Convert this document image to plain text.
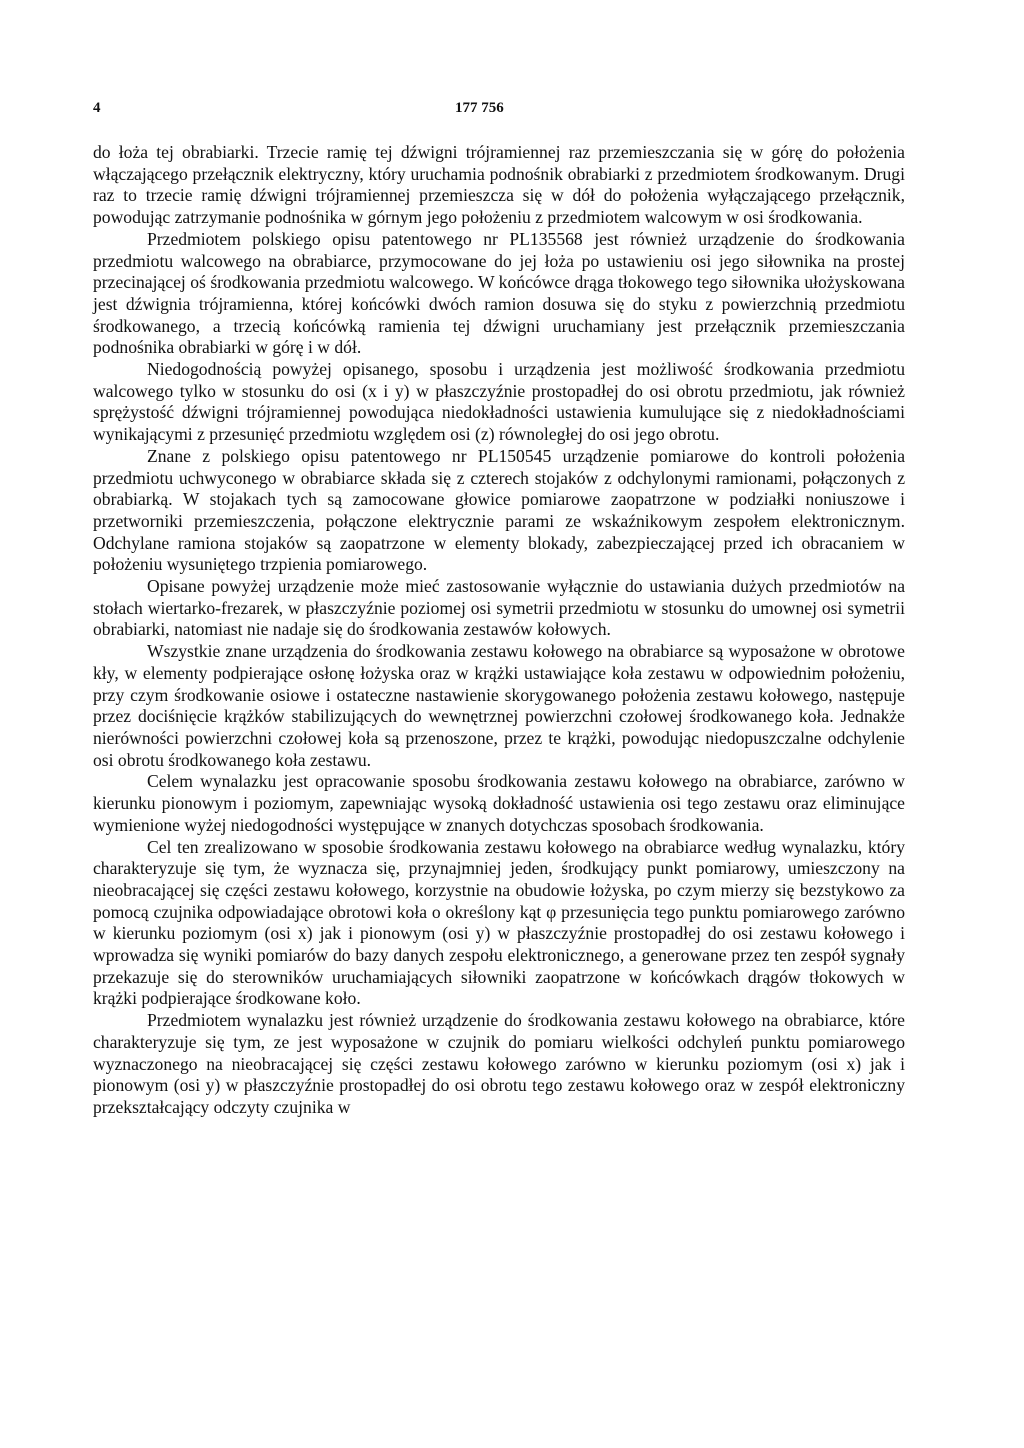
4	177 756

do łoża tej obrabiarki. Trzecie ramię tej dźwigni trójramiennej raz przemieszczania się w górę do położenia włączającego przełącznik elektryczny, który uruchamia podnośnik obrabiarki z przedmiotem środkowanym. Drugi raz to trzecie ramię dźwigni trójramiennej przemieszcza się w dół do położenia wyłączającego przełącznik, powodując zatrzymanie podnośnika w górnym jego położeniu z przedmiotem walcowym w osi środkowania.

Przedmiotem polskiego opisu patentowego nr PL135568 jest również urządzenie do środkowania przedmiotu walcowego na obrabiarce, przymocowane do jej łoża po ustawieniu osi jego siłownika na prostej przecinającej oś środkowania przedmiotu walcowego. W końcówce drąga tłokowego tego siłownika ułożyskowana jest dźwignia trójramienna, której końcówki dwóch ramion dosuwa się do styku z powierzchnią przedmiotu środkowanego, a trzecią końcówką ramienia tej dźwigni uruchamiany jest przełącznik przemieszczania podnośnika obrabiarki w górę i w dół.

Niedogodnością powyżej opisanego, sposobu i urządzenia jest możliwość środkowania przedmiotu walcowego tylko w stosunku do osi (x i y) w płaszczyźnie prostopadłej do osi obrotu przedmiotu, jak również sprężystość dźwigni trójramiennej powodująca niedokładności ustawienia kumulujące się z niedokładnościami wynikającymi z przesunięć przedmiotu względem osi (z) równoległej do osi jego obrotu.

Znane z polskiego opisu patentowego nr PL150545 urządzenie pomiarowe do kontroli położenia przedmiotu uchwyconego w obrabiarce składa się z czterech stojaków z odchylonymi ramionami, połączonych z obrabiarką. W stojakach tych są zamocowane głowice pomiarowe zaopatrzone w podziałki noniuszowe i przetworniki przemieszczenia, połączone elektrycznie parami ze wskaźnikowym zespołem elektronicznym. Odchylane ramiona stojaków są zaopatrzone w elementy blokady, zabezpieczającej przed ich obracaniem w położeniu wysuniętego trzpienia pomiarowego.

Opisane powyżej urządzenie może mieć zastosowanie wyłącznie do ustawiania dużych przedmiotów na stołach wiertarko-frezarek, w płaszczyźnie poziomej osi symetrii przedmiotu w stosunku do umownej osi symetrii obrabiarki, natomiast nie nadaje się do środkowania zestawów kołowych.

Wszystkie znane urządzenia do środkowania zestawu kołowego na obrabiarce są wyposażone w obrotowe kły, w elementy podpierające osłonę łożyska oraz w krążki ustawiające koła zestawu w odpowiednim położeniu, przy czym środkowanie osiowe i ostateczne nastawienie skorygowanego położenia zestawu kołowego, następuje przez dociśnięcie krążków stabilizujących do wewnętrznej powierzchni czołowej środkowanego koła. Jednakże nierówności powierzchni czołowej koła są przenoszone, przez te krążki, powodując niedopuszczalne odchylenie osi obrotu środkowanego koła zestawu.

Celem wynalazku jest opracowanie sposobu środkowania zestawu kołowego na obrabiarce, zarówno w kierunku pionowym i poziomym, zapewniając wysoką dokładność ustawienia osi tego zestawu oraz eliminujące wymienione wyżej niedogodności występujące w znanych dotychczas sposobach środkowania.

Cel ten zrealizowano w sposobie środkowania zestawu kołowego na obrabiarce według wynalazku, który charakteryzuje się tym, że wyznacza się, przynajmniej jeden, środkujący punkt pomiarowy, umieszczony na nieobracającej się części zestawu kołowego, korzystnie na obudowie łożyska, po czym mierzy się bezstykowo za pomocą czujnika odpowiadające obrotowi koła o określony kąt φ przesunięcia tego punktu pomiarowego zarówno w kierunku poziomym (osi x) jak i pionowym (osi y) w płaszczyźnie prostopadłej do osi zestawu kołowego i wprowadza się wyniki pomiarów do bazy danych zespołu elektronicznego, a generowane przez ten zespół sygnały przekazuje się do sterowników uruchamiających siłowniki zaopatrzone w końcówkach drągów tłokowych w krążki podpierające środkowane koło.

Przedmiotem wynalazku jest również urządzenie do środkowania zestawu kołowego na obrabiarce, które charakteryzuje się tym, ze jest wyposażone w czujnik do pomiaru wielkości odchyleń punktu pomiarowego wyznaczonego na nieobracającej się części zestawu kołowego zarówno w kierunku poziomym (osi x) jak i pionowym (osi y) w płaszczyźnie prostopadłej do osi obrotu tego zestawu kołowego oraz w zespół elektroniczny przekształcający odczyty czujnika w
